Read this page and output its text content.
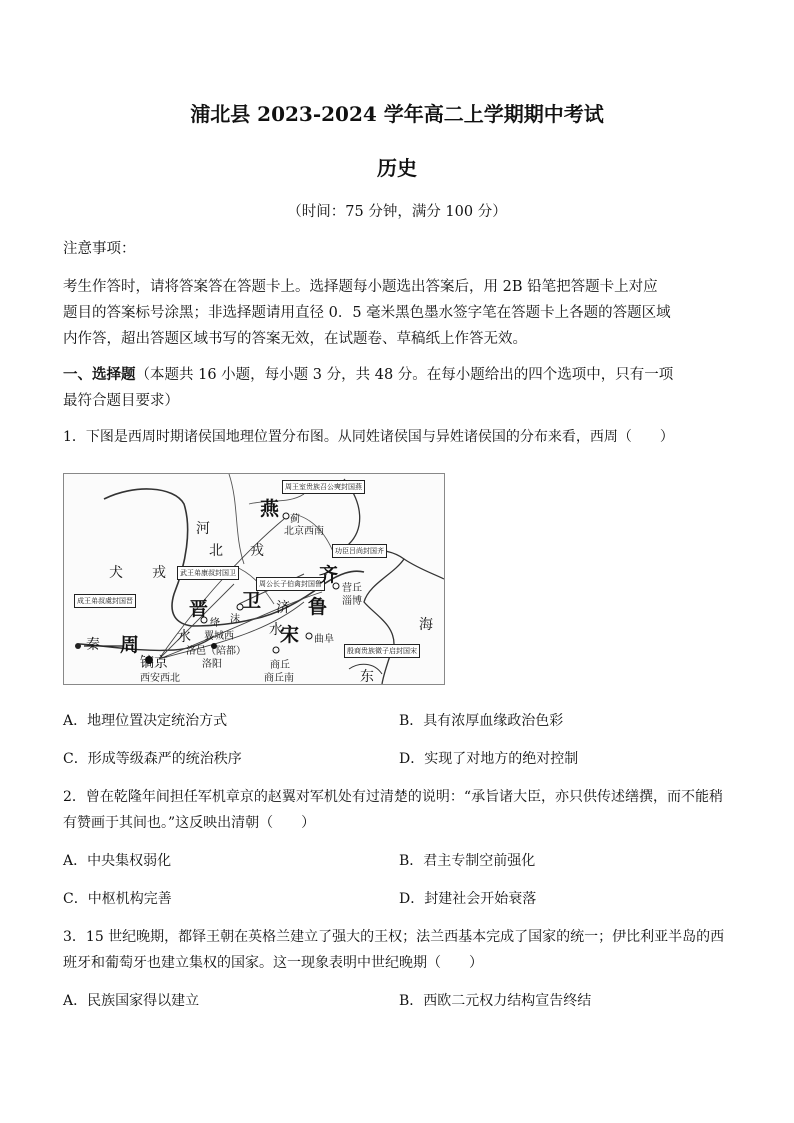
浦北县 2023-2024 学年高二上学期期中考试
历史
（时间：75 分钟，满分 100 分）
注意事项：
考生作答时，请将答案答在答题卡上。选择题每小题选出答案后，用 2B 铅笔把答题卡上对应
题目的答案标号涂黑；非选择题请用直径 0．5 毫米黑色墨水签字笔在答题卡上各题的答题区域
内作答，超出答题区域书写的答案无效，在试题卷、草稿纸上作答无效。
一、选择题（本题共 16 小题，每小题 3 分，共 48 分。在每小题给出的四个选项中，只有一项
最符合题目要求）
1．下图是西周时期诸侯国地理位置分布图。从同姓诸侯国与异姓诸侯国的分布来看，西周（　　）
周王室贵族召公奭封国燕
功臣吕尚封国齐
武王弟康叔封国卫
周公长子伯禽封国鲁
成王弟叔虞封国晋
殷商贵族微子启封国宋
燕
晋 卫
齐
鲁
宋
周
秦
河
北 戎
犬 戎
海
济
水
水
东
蓟
北京西南
营丘
淄博
沫
曲阜
绛
翼城西
洛邑（陪都）
洛阳
镐京
西安西北
商丘
商丘南
A．地理位置决定统治方式	B．具有浓厚血缘政治色彩
C．形成等级森严的统治秩序	D．实现了对地方的绝对控制
2．曾在乾隆年间担任军机章京的赵翼对军机处有过清楚的说明：“承旨诸大臣，亦只供传述缮撰，而不能稍
有赞画于其间也。”这反映出清朝（　　）
A．中央集权弱化	B．君主专制空前强化
C．中枢机构完善	D．封建社会开始衰落
3．15 世纪晚期，都铎王朝在英格兰建立了强大的王权；法兰西基本完成了国家的统一；伊比利亚半岛的西
班牙和葡萄牙也建立集权的国家。这一现象表明中世纪晚期（　　）
A．民族国家得以建立	B．西欧二元权力结构宣告终结
